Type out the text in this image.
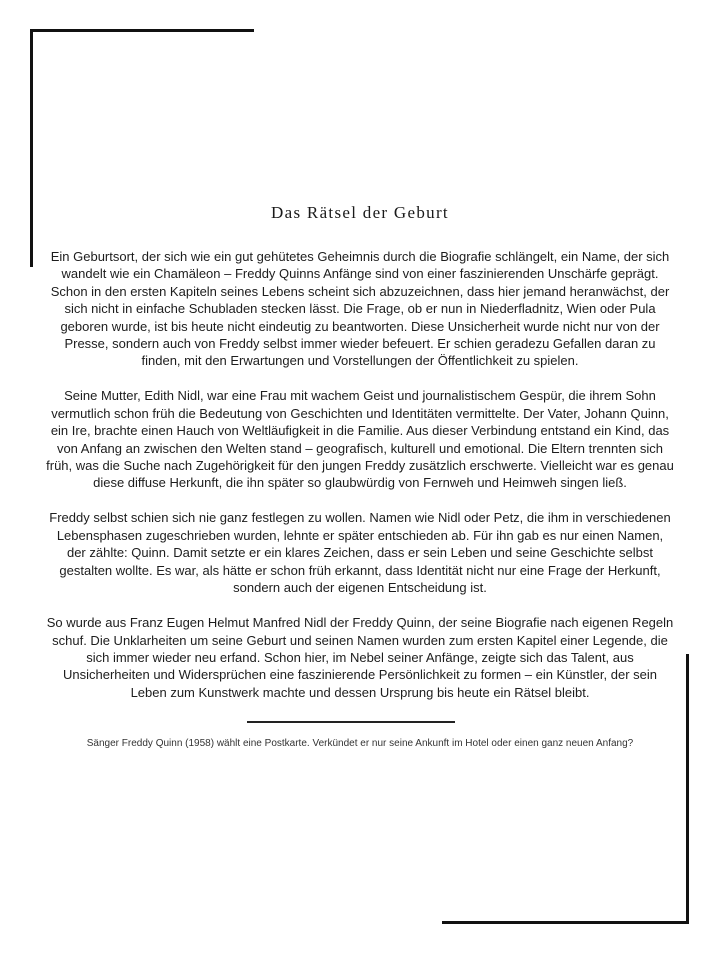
Das Rätsel der Geburt

Ein Geburtsort, der sich wie ein gut gehütetes Geheimnis durch die Biografie schlängelt, ein Name, der sich wandelt wie ein Chamäleon – Freddy Quinns Anfänge sind von einer faszinierenden Unschärfe geprägt. Schon in den ersten Kapiteln seines Lebens scheint sich abzuzeichnen, dass hier jemand heranwächst, der sich nicht in einfache Schubladen stecken lässt. Die Frage, ob er nun in Niederfladnitz, Wien oder Pula geboren wurde, ist bis heute nicht eindeutig zu beantworten. Diese Unsicherheit wurde nicht nur von der Presse, sondern auch von Freddy selbst immer wieder befeuert. Er schien geradezu Gefallen daran zu finden, mit den Erwartungen und Vorstellungen der Öffentlichkeit zu spielen.

Seine Mutter, Edith Nidl, war eine Frau mit wachem Geist und journalistischem Gespür, die ihrem Sohn vermutlich schon früh die Bedeutung von Geschichten und Identitäten vermittelte. Der Vater, Johann Quinn, ein Ire, brachte einen Hauch von Weltläufigkeit in die Familie. Aus dieser Verbindung entstand ein Kind, das von Anfang an zwischen den Welten stand – geografisch, kulturell und emotional. Die Eltern trennten sich früh, was die Suche nach Zugehörigkeit für den jungen Freddy zusätzlich erschwerte. Vielleicht war es genau diese diffuse Herkunft, die ihn später so glaubwürdig von Fernweh und Heimweh singen ließ.

Freddy selbst schien sich nie ganz festlegen zu wollen. Namen wie Nidl oder Petz, die ihm in verschiedenen Lebensphasen zugeschrieben wurden, lehnte er später entschieden ab. Für ihn gab es nur einen Namen, der zählte: Quinn. Damit setzte er ein klares Zeichen, dass er sein Leben und seine Geschichte selbst gestalten wollte. Es war, als hätte er schon früh erkannt, dass Identität nicht nur eine Frage der Herkunft, sondern auch der eigenen Entscheidung ist.

So wurde aus Franz Eugen Helmut Manfred Nidl der Freddy Quinn, der seine Biografie nach eigenen Regeln schuf. Die Unklarheiten um seine Geburt und seinen Namen wurden zum ersten Kapitel einer Legende, die sich immer wieder neu erfand. Schon hier, im Nebel seiner Anfänge, zeigte sich das Talent, aus Unsicherheiten und Widersprüchen eine faszinierende Persönlichkeit zu formen – ein Künstler, der sein Leben zum Kunstwerk machte und dessen Ursprung bis heute ein Rätsel bleibt.

Sänger Freddy Quinn (1958) wählt eine Postkarte. Verkündet er nur seine Ankunft im Hotel oder einen ganz neuen Anfang?
